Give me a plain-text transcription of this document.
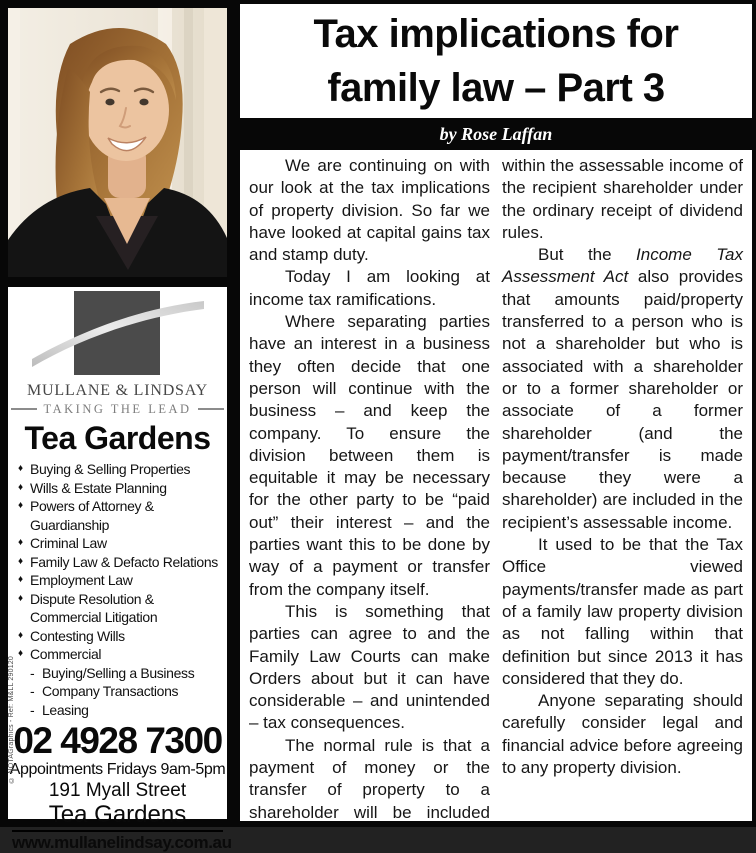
MULLANE & LINDSAY
TAKING THE LEAD
Tea Gardens
♦ Buying & Selling Properties
♦ Wills & Estate Planning
♦ Powers of Attorney & Guardianship
♦ Criminal Law
♦ Family Law & Defacto Relations
♦ Employment Law
♦ Dispute Resolution & Commercial Litigation
♦ Contesting Wills
♦ Commercial
- Buying/Selling a Business
- Company Transactions
- Leasing
02 4928 7300
Appointments Fridays 9am-5pm
191 Myall Street
Tea Gardens
www.mullanelindsay.com.au
© NOTAGraphics - Ref: M&LL 290120
Tax implications for
family law – Part 3
by Rose Laffan

We are continuing on with our look at the tax implications of property division. So far we have looked at capital gains tax and stamp duty.

Today I am looking at income tax ramifications.

Where separating parties have an interest in a business they often decide that one person will continue with the business – and keep the company. To ensure the division between them is equitable it may be necessary for the other party to be “paid out” their interest – and the parties want this to be done by way of a payment or transfer from the company itself.

This is something that parties can agree to and the Family Law Courts can make Orders about but it can have considerable – and unintended – tax consequences.

The normal rule is that a payment of money or the transfer of property to a shareholder will be included

within the assessable income of the recipient shareholder under the ordinary receipt of dividend rules.

But the Income Tax Assessment Act also provides that amounts paid/property transferred to a person who is not a shareholder but who is associated with a shareholder or to a former shareholder or associate of a former shareholder (and the payment/transfer is made because they were a shareholder) are included in the recipient’s assessable income.

It used to be that the Tax Office viewed payments/transfer made as part of a family law property division as not falling within that definition but since 2013 it has considered that they do.

Anyone separating should carefully consider legal and financial advice before agreeing to any property division.
